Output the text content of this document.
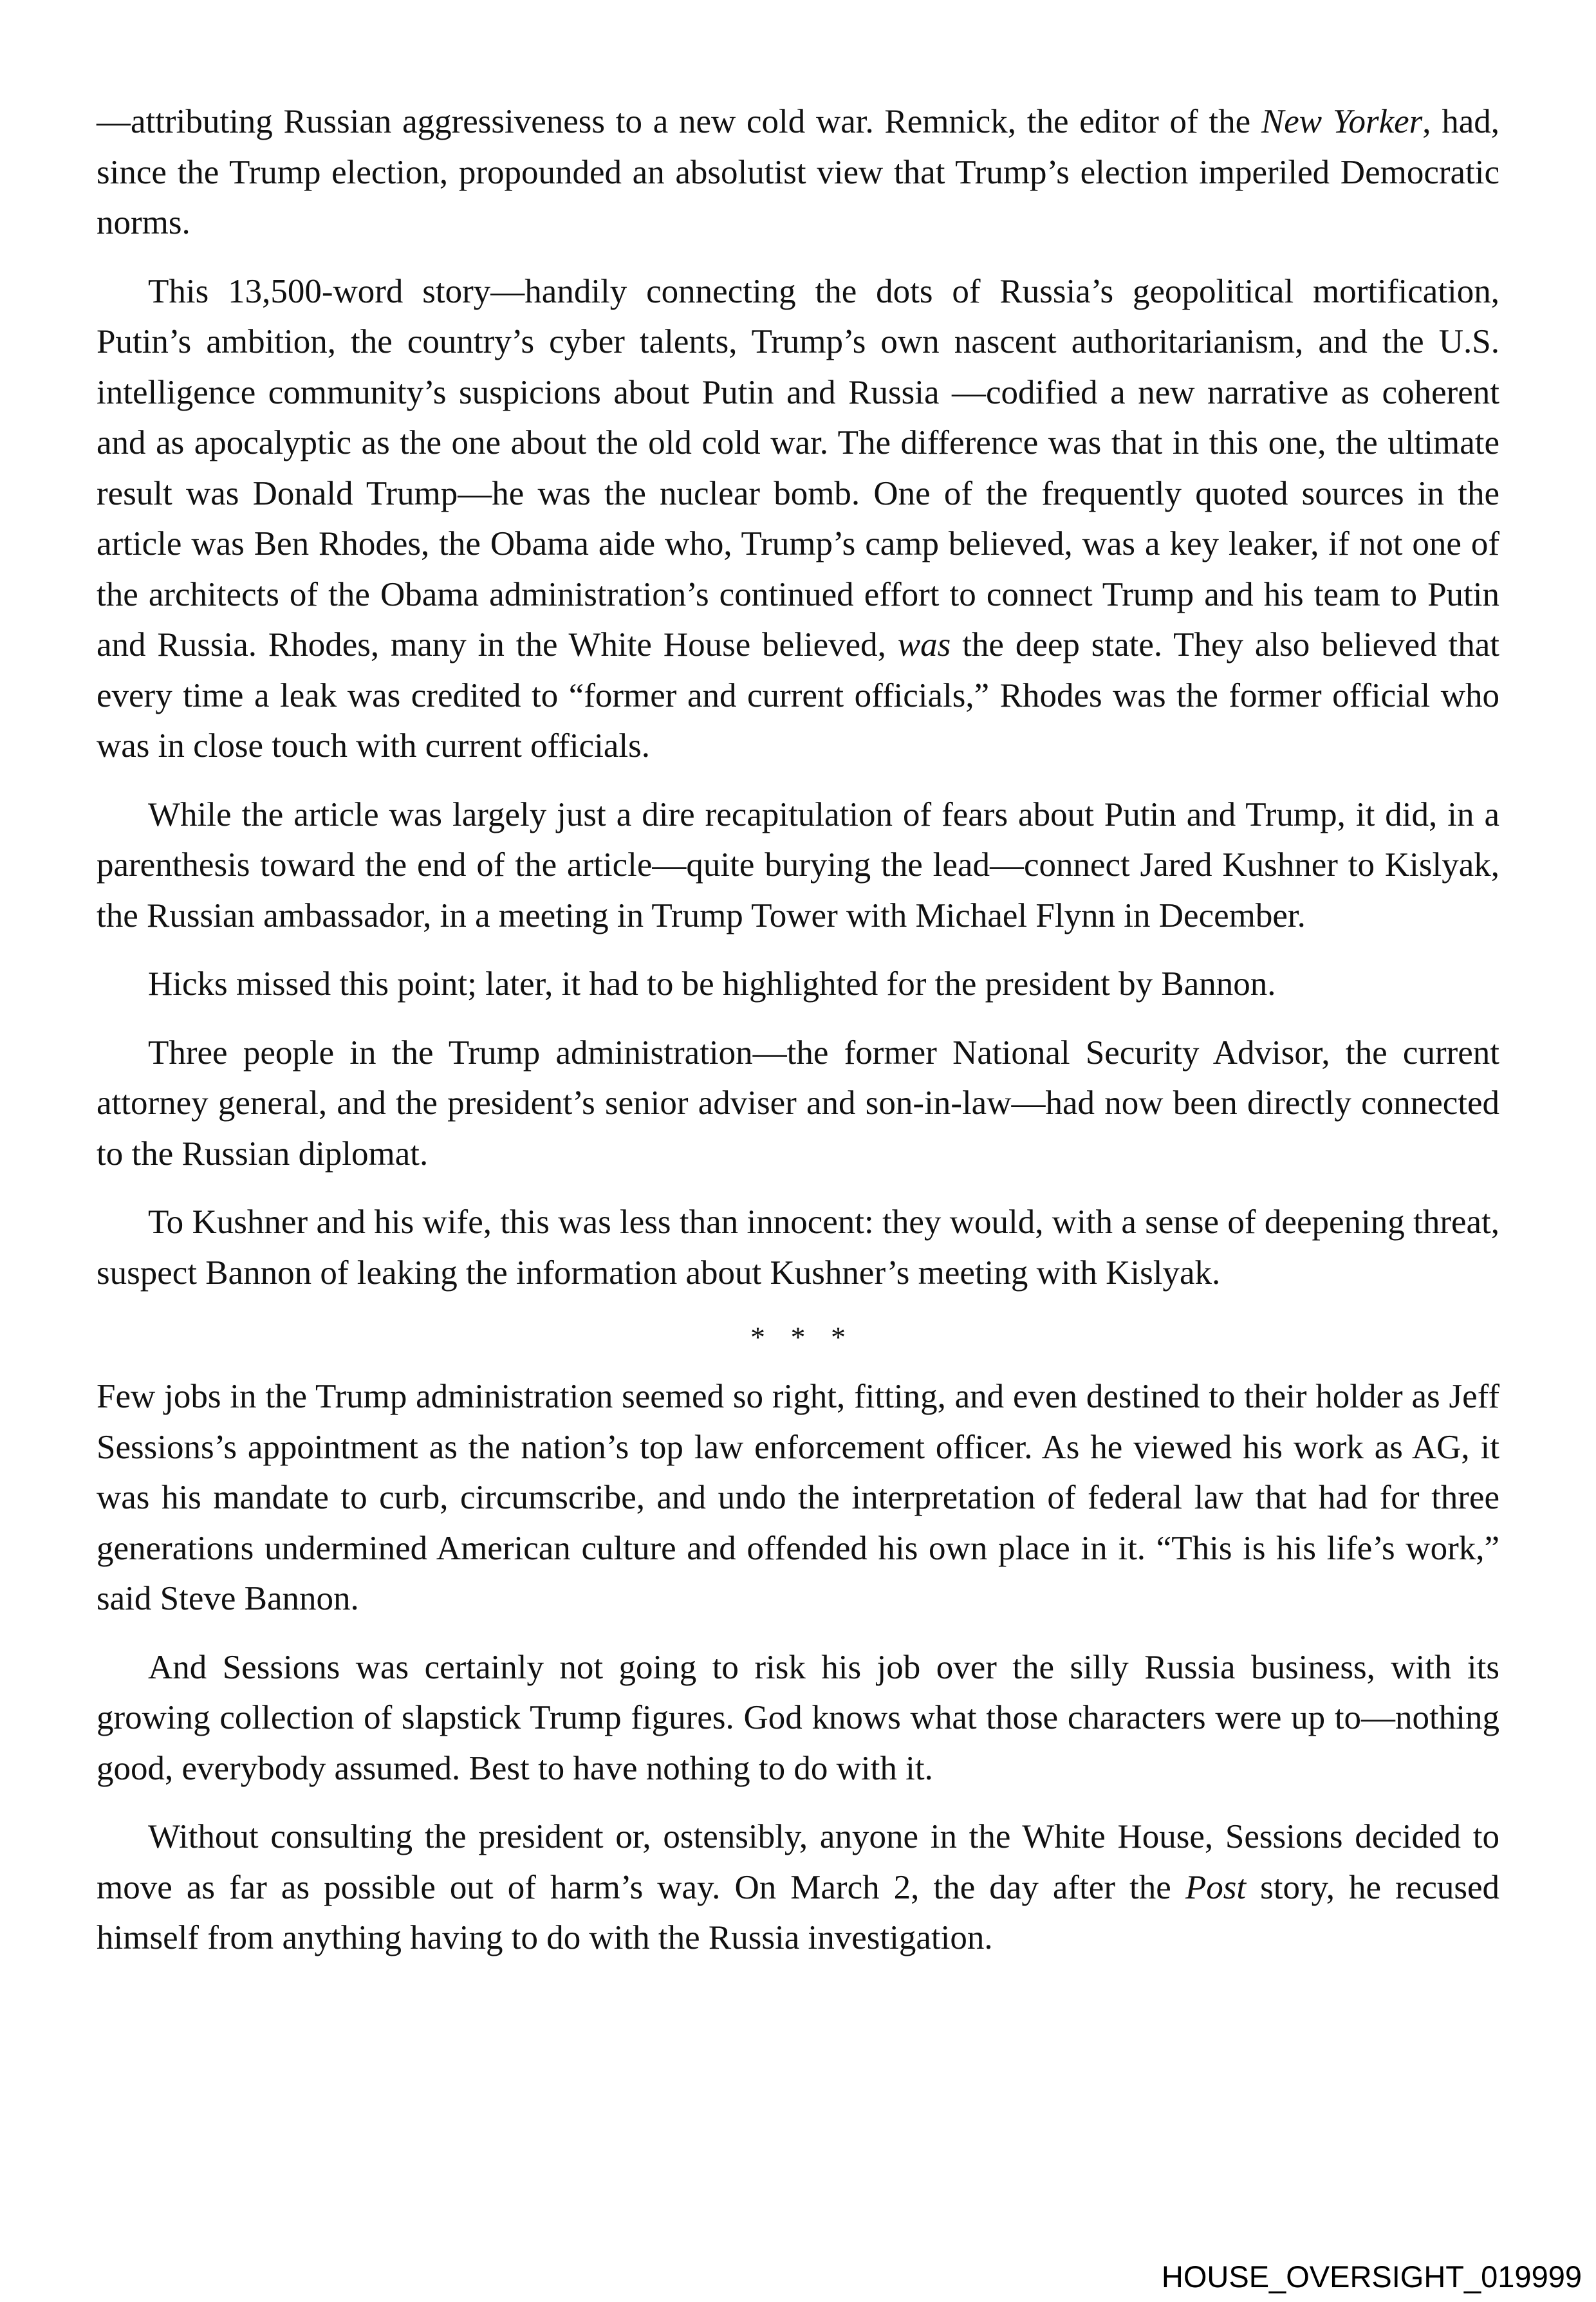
—attributing Russian aggressiveness to a new cold war. Remnick, the editor of the New Yorker, had, since the Trump election, propounded an absolutist view that Trump’s election imperiled Democratic norms.

This 13,500-word story—handily connecting the dots of Russia’s geopolitical mortification, Putin’s ambition, the country’s cyber talents, Trump’s own nascent authoritarianism, and the U.S. intelligence community’s suspicions about Putin and Russia —codified a new narrative as coherent and as apocalyptic as the one about the old cold war. The difference was that in this one, the ultimate result was Donald Trump—he was the nuclear bomb. One of the frequently quoted sources in the article was Ben Rhodes, the Obama aide who, Trump’s camp believed, was a key leaker, if not one of the architects of the Obama administration’s continued effort to connect Trump and his team to Putin and Russia. Rhodes, many in the White House believed, was the deep state. They also believed that every time a leak was credited to “former and current officials,” Rhodes was the former official who was in close touch with current officials.

While the article was largely just a dire recapitulation of fears about Putin and Trump, it did, in a parenthesis toward the end of the article—quite burying the lead—connect Jared Kushner to Kislyak, the Russian ambassador, in a meeting in Trump Tower with Michael Flynn in December.

Hicks missed this point; later, it had to be highlighted for the president by Bannon.

Three people in the Trump administration—the former National Security Advisor, the current attorney general, and the president’s senior adviser and son-in-law—had now been directly connected to the Russian diplomat.

To Kushner and his wife, this was less than innocent: they would, with a sense of deepening threat, suspect Bannon of leaking the information about Kushner’s meeting with Kislyak.

* * *

Few jobs in the Trump administration seemed so right, fitting, and even destined to their holder as Jeff Sessions’s appointment as the nation’s top law enforcement officer. As he viewed his work as AG, it was his mandate to curb, circumscribe, and undo the interpretation of federal law that had for three generations undermined American culture and offended his own place in it. “This is his life’s work,” said Steve Bannon.

And Sessions was certainly not going to risk his job over the silly Russia business, with its growing collection of slapstick Trump figures. God knows what those characters were up to—nothing good, everybody assumed. Best to have nothing to do with it.

Without consulting the president or, ostensibly, anyone in the White House, Sessions decided to move as far as possible out of harm’s way. On March 2, the day after the Post story, he recused himself from anything having to do with the Russia investigation.

HOUSE_OVERSIGHT_019999
